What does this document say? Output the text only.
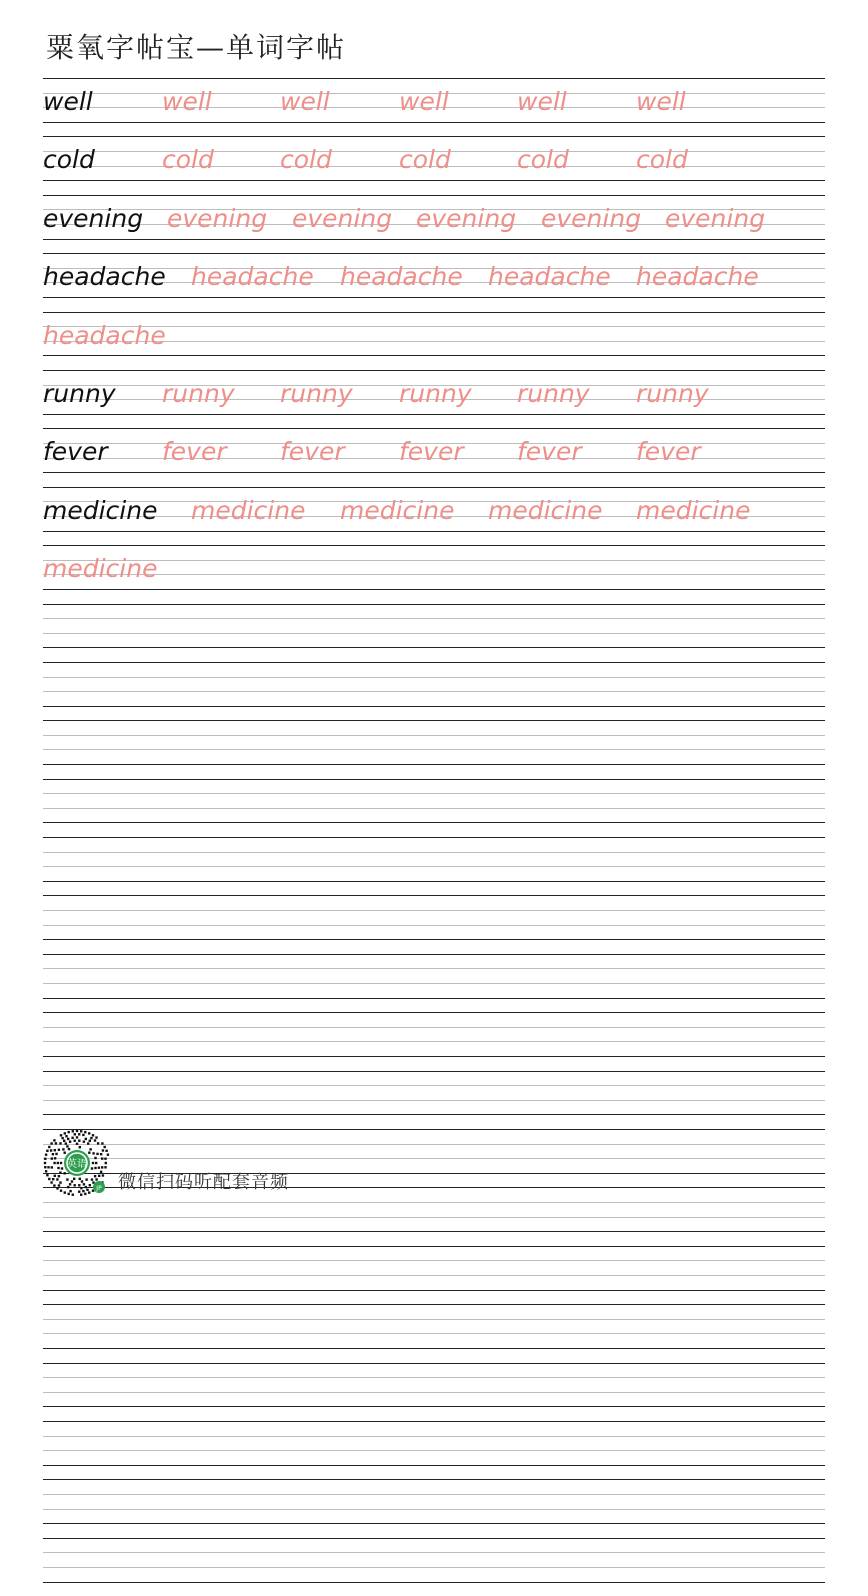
粟氧字帖宝—单词字帖
well	well	well	well	well	well
cold	cold	cold	cold	cold	cold
evening evening evening evening evening evening
headache headache headache headache headache
headache
runny runny runny runny runny runny
fever fever fever fever fever fever
medicine medicine medicine medicine medicine
medicine
英语
JP 微信扫码听配套音频
